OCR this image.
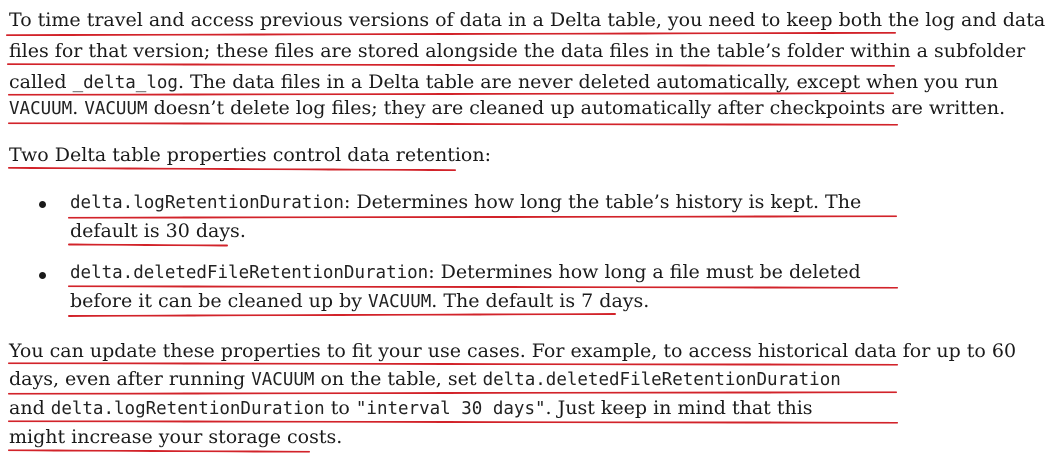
To time travel and access previous versions of data in a Delta table, you need to keep both the log and data
files for that version; these files are stored alongside the data files in the table’s folder within a subfolder
called _delta_log. The data files in a Delta table are never deleted automatically, except when you run
VACUUM. VACUUM doesn’t delete log files; they are cleaned up automatically after checkpoints are written.
Two Delta table properties control data retention:
delta.logRetentionDuration: Determines how long the table’s history is kept. The
default is 30 days.
delta.deletedFileRetentionDuration: Determines how long a file must be deleted
before it can be cleaned up by VACUUM. The default is 7 days.
You can update these properties to fit your use cases. For example, to access historical data for up to 60
days, even after running VACUUM on the table, set delta.deletedFileRetentionDuration
and delta.logRetentionDuration to "interval 30 days". Just keep in mind that this
might increase your storage costs.
